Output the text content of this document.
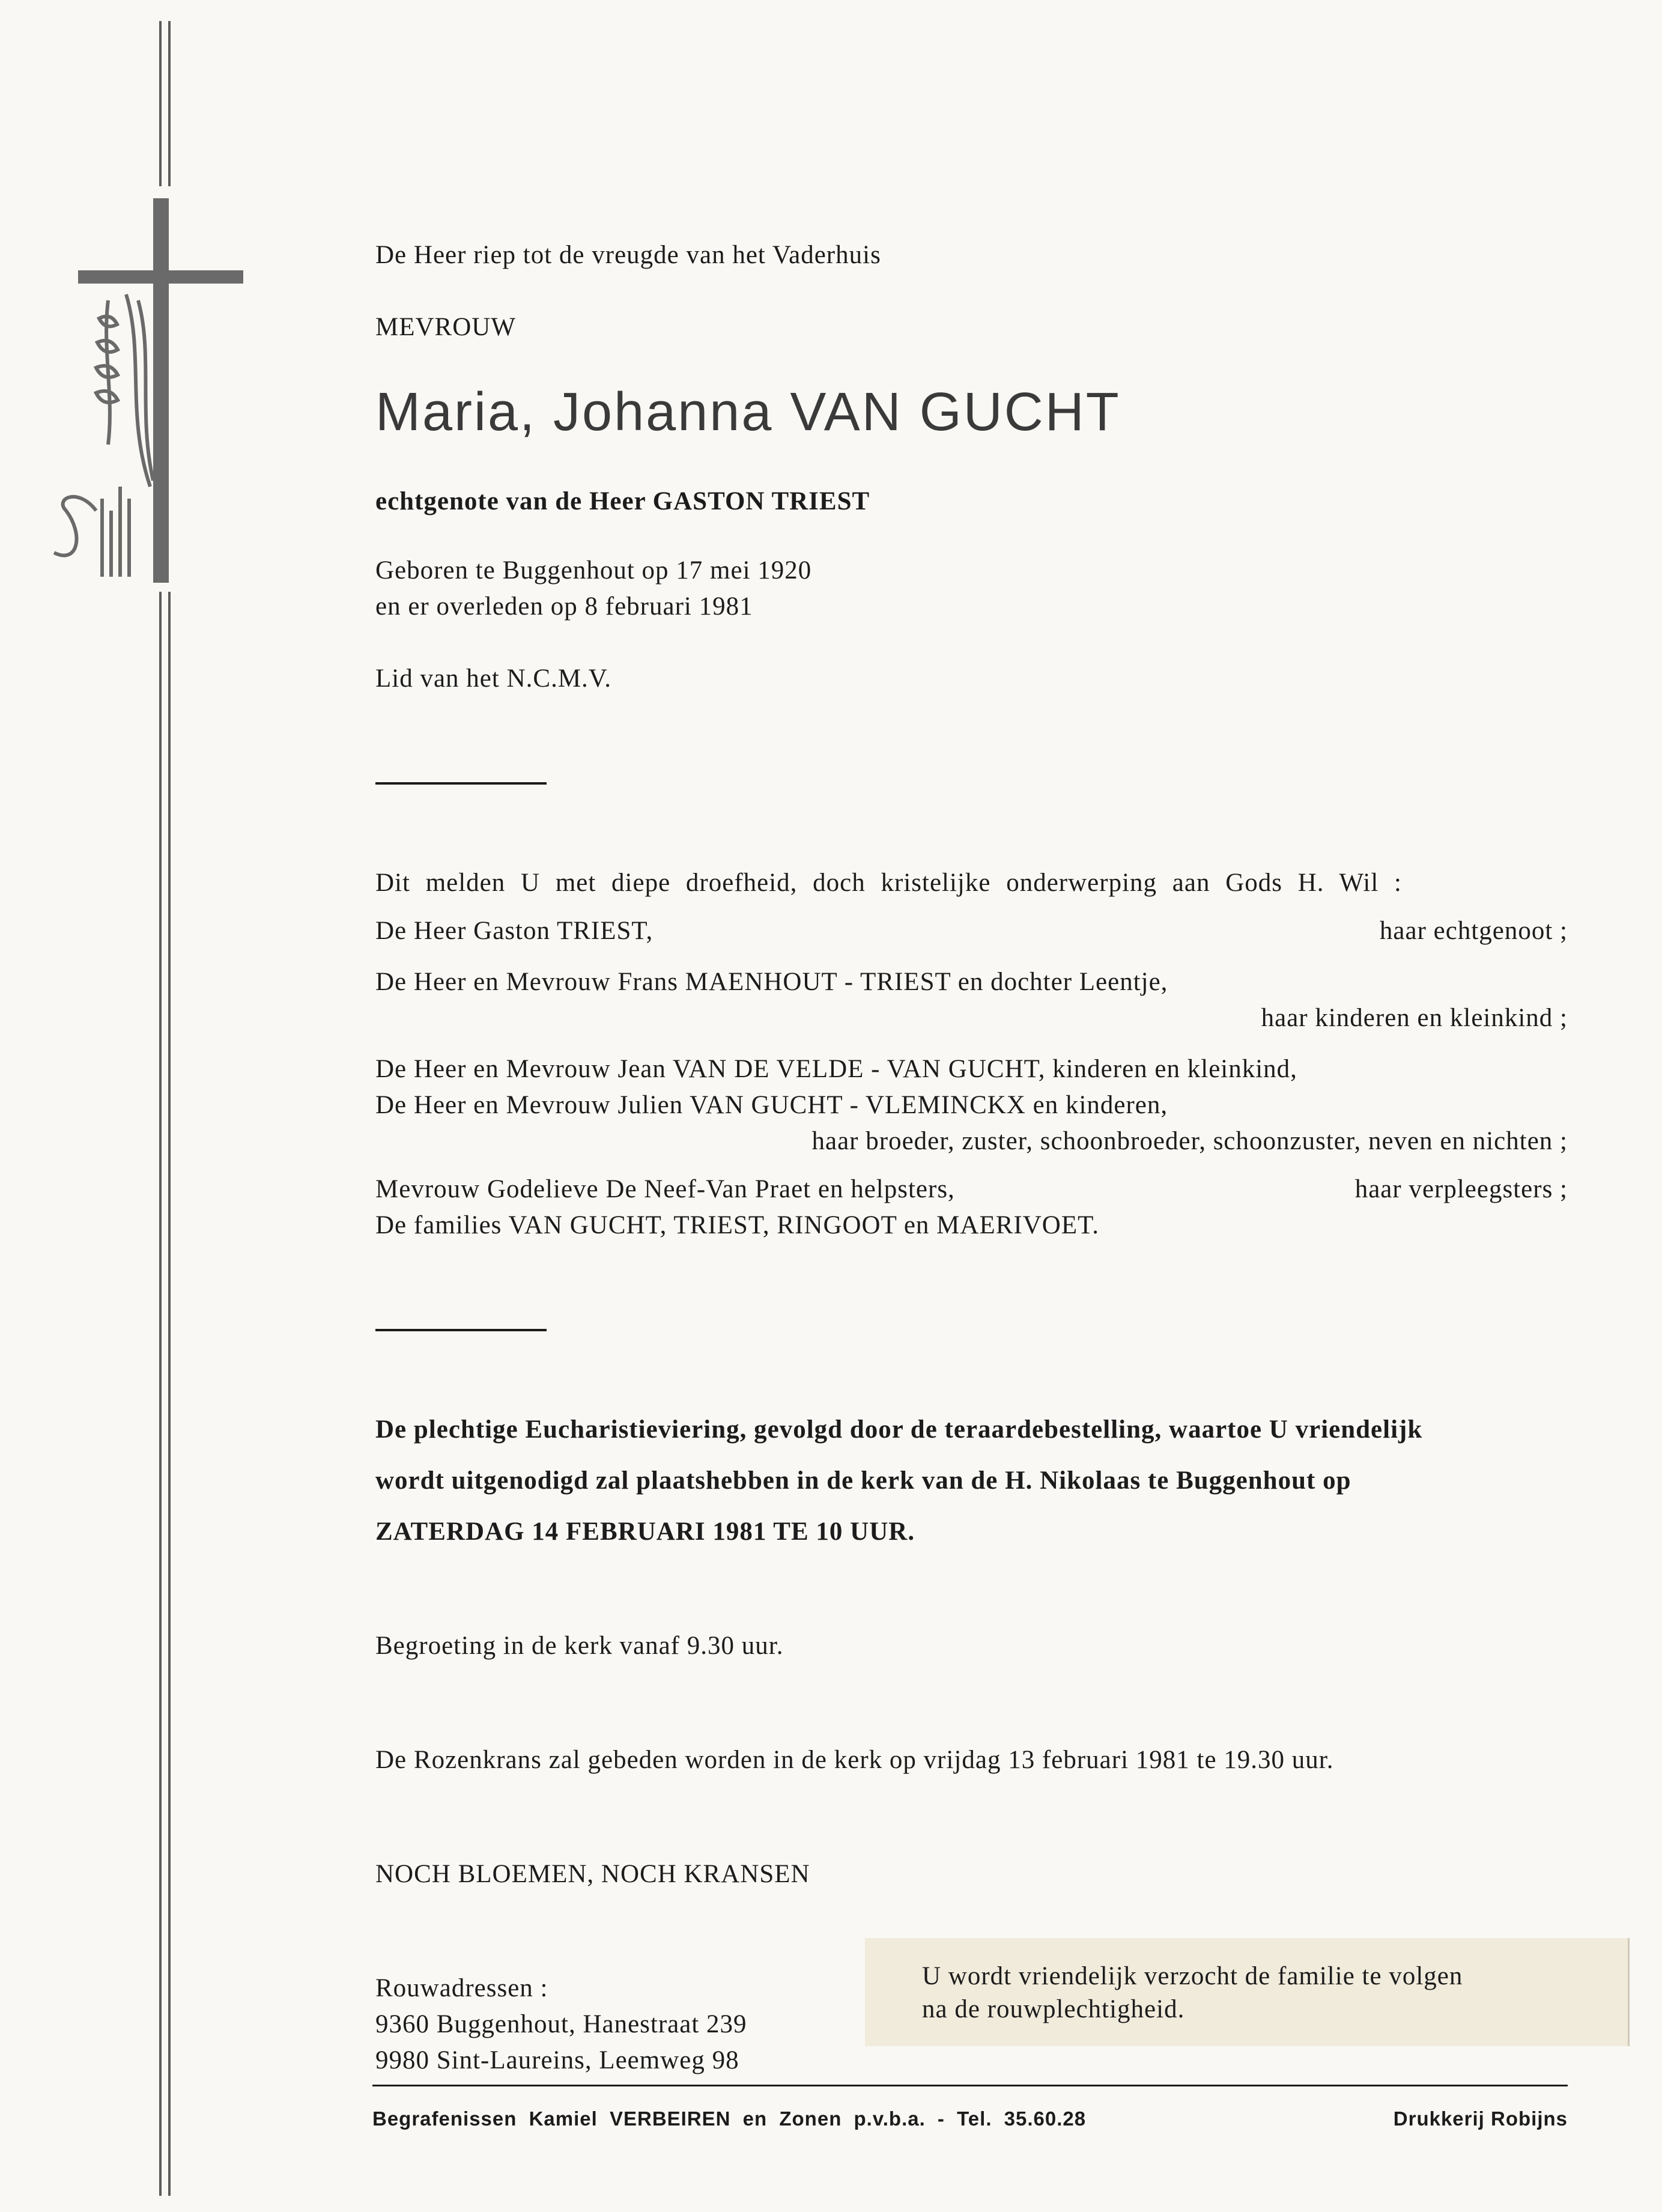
De Heer riep tot de vreugde van het Vaderhuis
MEVROUW
Maria, Johanna VAN GUCHT
echtgenote van de Heer GASTON TRIEST
Geboren te Buggenhout op 17 mei 1920
en er overleden op 8 februari 1981
Lid van het N.C.M.V.
Dit melden U met diepe droefheid, doch kristelijke onderwerping aan Gods H. Wil :
De Heer Gaston TRIEST,	haar echtgenoot ;
De Heer en Mevrouw Frans MAENHOUT - TRIEST en dochter Leentje,
haar kinderen en kleinkind ;
De Heer en Mevrouw Jean VAN DE VELDE - VAN GUCHT, kinderen en kleinkind,
De Heer en Mevrouw Julien VAN GUCHT - VLEMINCKX en kinderen,
haar broeder, zuster, schoonbroeder, schoonzuster, neven en nichten ;
Mevrouw Godelieve De Neef-Van Praet en helpsters,	haar verpleegsters ;
De families VAN GUCHT, TRIEST, RINGOOT en MAERIVOET.
De plechtige Eucharistieviering, gevolgd door de teraardebestelling, waartoe U vriendelijk
wordt uitgenodigd zal plaatshebben in de kerk van de H. Nikolaas te Buggenhout op
ZATERDAG 14 FEBRUARI 1981 TE 10 UUR.
Begroeting in de kerk vanaf 9.30 uur.
De Rozenkrans zal gebeden worden in de kerk op vrijdag 13 februari 1981 te 19.30 uur.
NOCH BLOEMEN, NOCH KRANSEN
Rouwadressen :
9360 Buggenhout, Hanestraat 239
9980 Sint-Laureins, Leemweg 98
U wordt vriendelijk verzocht de familie te volgen
na de rouwplechtigheid.
Begrafenissen Kamiel VERBEIREN en Zonen p.v.b.a. - Tel. 35.60.28	Drukkerij Robijns
